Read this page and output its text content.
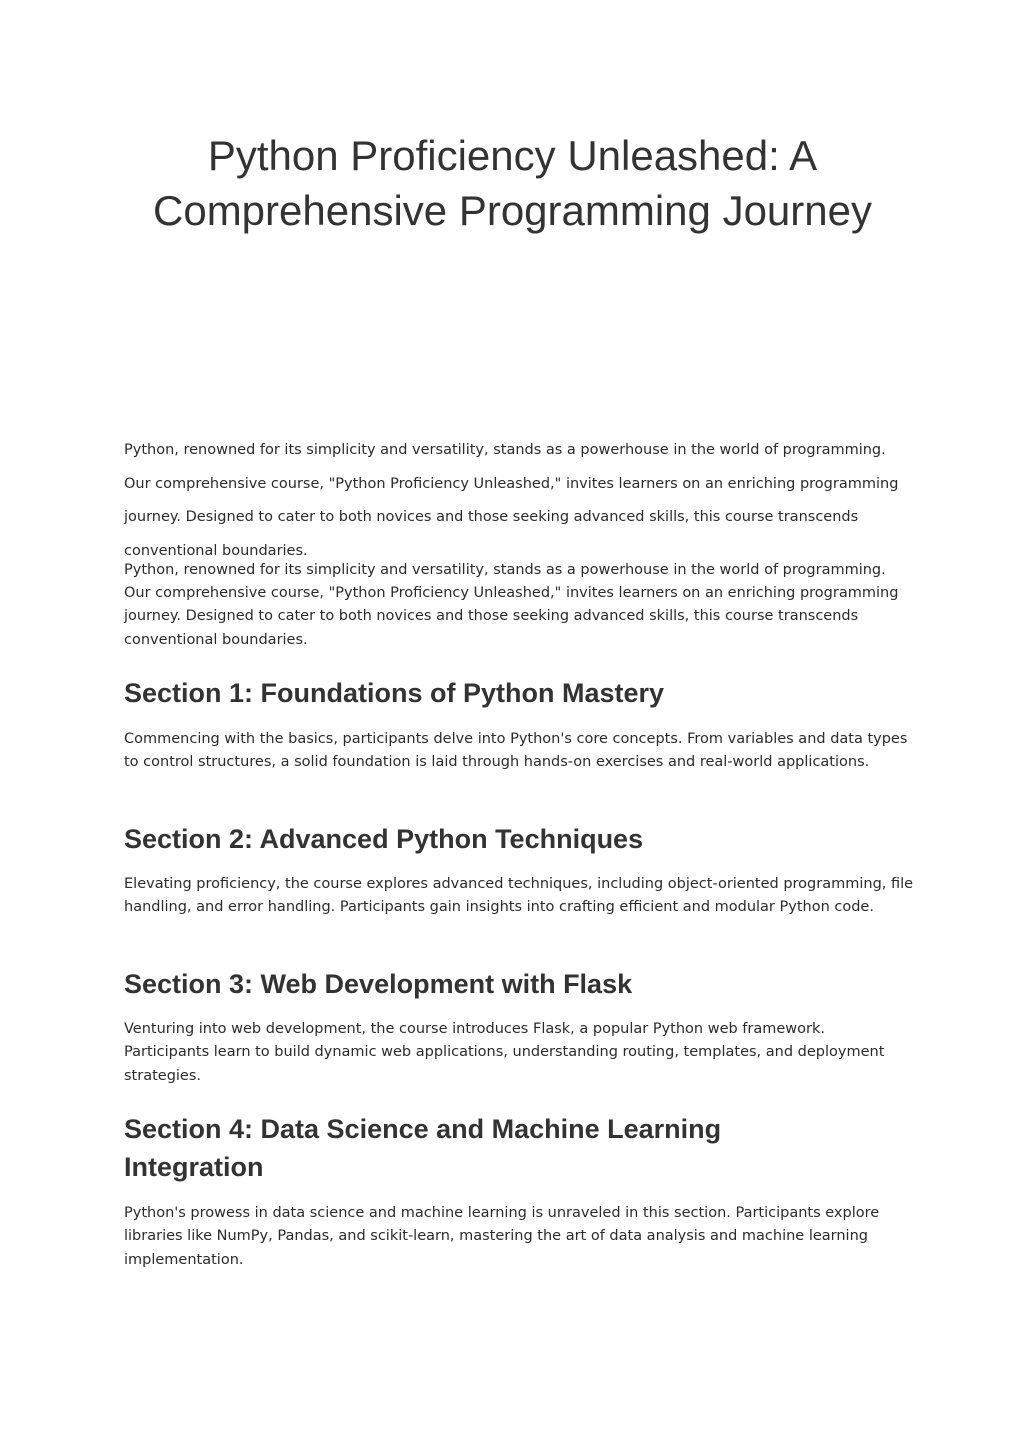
Python Proficiency Unleashed: A Comprehensive Programming Journey

Python, renowned for its simplicity and versatility, stands as a powerhouse in the world of programming. Our comprehensive course, "Python Proficiency Unleashed," invites learners on an enriching programming journey. Designed to cater to both novices and those seeking advanced skills, this course transcends conventional boundaries.

Python, renowned for its simplicity and versatility, stands as a powerhouse in the world of programming. Our comprehensive course, "Python Proficiency Unleashed," invites learners on an enriching programming journey. Designed to cater to both novices and those seeking advanced skills, this course transcends conventional boundaries.

Section 1: Foundations of Python Mastery

Commencing with the basics, participants delve into Python's core concepts. From variables and data types to control structures, a solid foundation is laid through hands-on exercises and real-world applications.

Section 2: Advanced Python Techniques

Elevating proficiency, the course explores advanced techniques, including object-oriented programming, file handling, and error handling. Participants gain insights into crafting efficient and modular Python code.

Section 3: Web Development with Flask

Venturing into web development, the course introduces Flask, a popular Python web framework. Participants learn to build dynamic web applications, understanding routing, templates, and deployment strategies.

Section 4: Data Science and Machine Learning Integration

Python's prowess in data science and machine learning is unraveled in this section. Participants explore libraries like NumPy, Pandas, and scikit-learn, mastering the art of data analysis and machine learning implementation.
